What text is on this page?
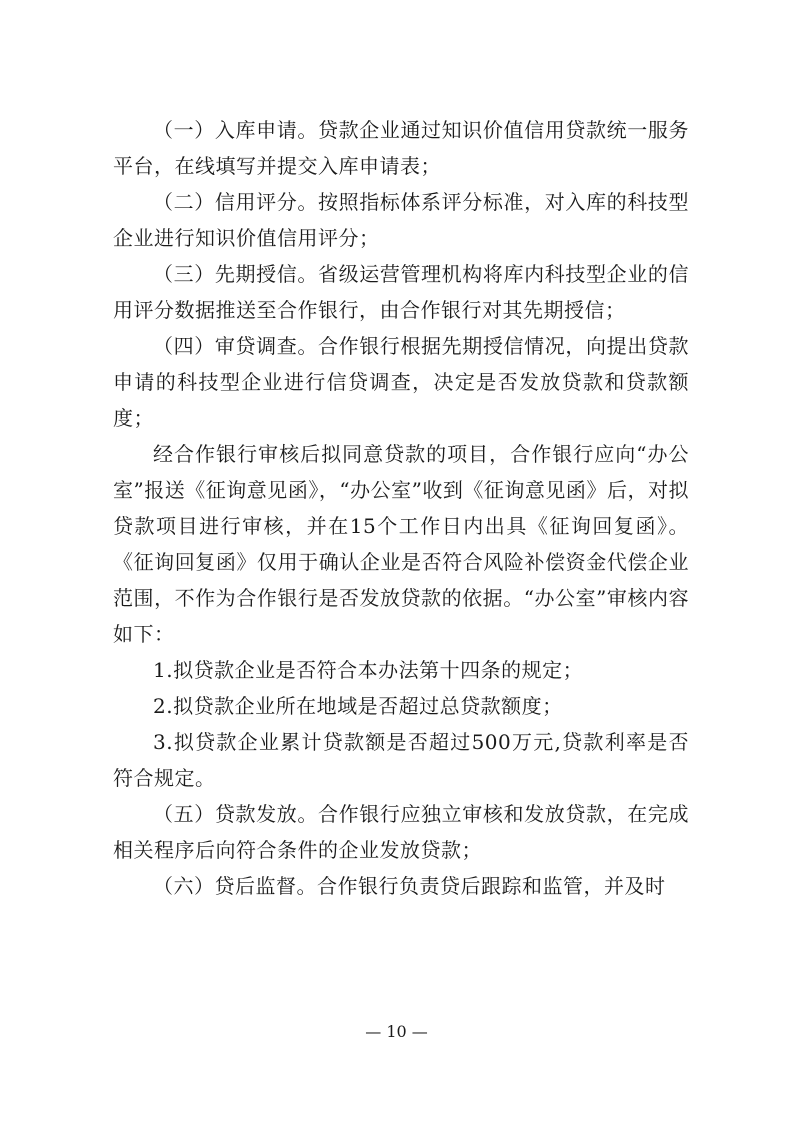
（一）入库申请。贷款企业通过知识价值信用贷款统一服务平台，在线填写并提交入库申请表；

（二）信用评分。按照指标体系评分标准，对入库的科技型企业进行知识价值信用评分；

（三）先期授信。省级运营管理机构将库内科技型企业的信用评分数据推送至合作银行，由合作银行对其先期授信；

（四）审贷调查。合作银行根据先期授信情况，向提出贷款申请的科技型企业进行信贷调查，决定是否发放贷款和贷款额度；

经合作银行审核后拟同意贷款的项目，合作银行应向“办公室”报送《征询意见函》，“办公室”收到《征询意见函》后，对拟贷款项目进行审核，并在15个工作日内出具《征询回复函》。《征询回复函》仅用于确认企业是否符合风险补偿资金代偿企业范围，不作为合作银行是否发放贷款的依据。“办公室”审核内容如下：

1.拟贷款企业是否符合本办法第十四条的规定；

2.拟贷款企业所在地域是否超过总贷款额度；

3.拟贷款企业累计贷款额是否超过500万元,贷款利率是否符合规定。

（五）贷款发放。合作银行应独立审核和发放贷款，在完成相关程序后向符合条件的企业发放贷款；

（六）贷后监督。合作银行负责贷后跟踪和监管，并及时

— 10 —
